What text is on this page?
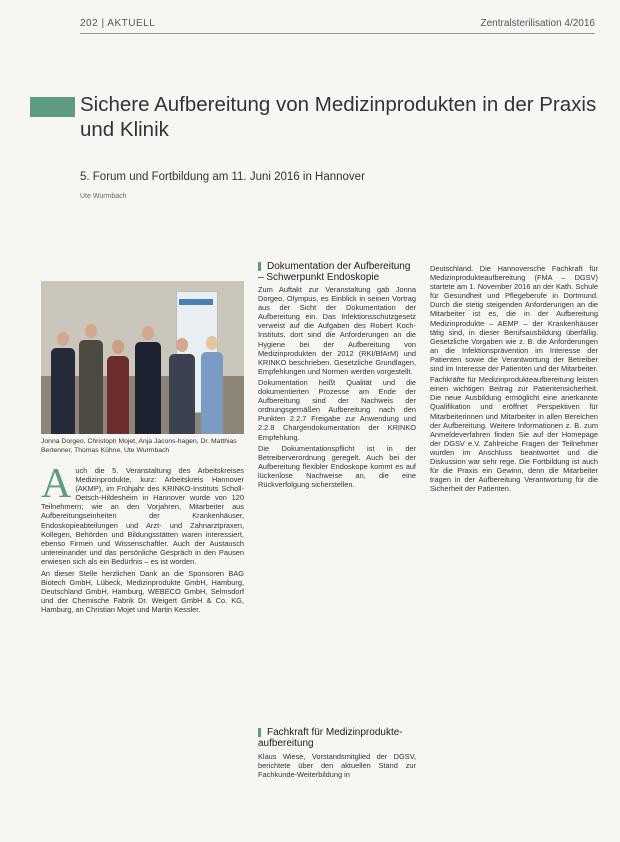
202 | AKTUELL	Zentralsterilisation 4/2016
Sichere Aufbereitung von Medizinprodukten in der Praxis und Klinik
5. Forum und Fortbildung am 11. Juni 2016 in Hannover
Ute Wurmbach
Jonna Dorgeo, Christoph Mojet, Anja Jacons-hagen, Dr. Matthias Bertenner, Thomas Kühne, Ute Wurmbach
A uch die 5. Veranstaltung des Arbeitskreises Medizinprodukte, kurz: Arbeitskreis Hannover (AKMP), im Frühjahr des KRINKO-Instituts Scholl-Oetsch-Hildesheim in Hannover wurde von 120 Teilnehmern; wie an den Vorjahren, Mitarbeiter aus Aufbereitungseinheiten der Krankenhäuser, Endoskopieabteilungen und Arzt- und Zahnarztpraxen, Kollegen, Behörden und Bildungsstätten waren interessiert, ebenso Firmen und Wissenschaftler. Auch der Austausch untereinander und das persönliche Gespräch in den Pausen erwiesen sich als ein Bedürfnis – es ist worden.

An dieser Stelle herzlichen Dank an die Sponsoren BAG Biotech GmbH, Lübeck, Medizinprodukte GmbH, Hamburg, Deutschland GmbH, Hamburg, WEBECO GmbH, Selmsdorf und der Chemische Fabrik Dr. Weigert GmbH & Co. KG, Hamburg, an Christian Mojet und Martin Kessler.

Dokumentation der Aufbereitung – Schwerpunkt Endoskopie

Zum Auftakt zur Veranstaltung gab Jonna Dorgeo, Olympus, es Einblick in seinen Vortrag aus der Sicht der Dokumentation der Aufbereitung ein. Das Infektionsschutzgesetz verweist auf die Aufgaben des Robert Koch-Instituts, dort sind die Anforderungen an die Hygiene bei der Aufbereitung von Medizinprodukten der 2012 (RKI/BfArM) und KRINKO beschrieben. Gesetzliche Grundlagen, Empfehlungen und Normen werden vorgestellt.

Dokumentation heißt Qualität und die dokumentierten Prozesse am Ende der Aufbereitung sind der Nachweis der ordnungsgemäßen Aufbereitung nach den Punkten 2.2.7 Freigabe zur Anwendung und 2.2.8 Chargendokumentation der KRINKO Empfehlung.

Die Dokumentationspflicht ist in der Betreiberverordnung geregelt. Auch bei der Aufbereitung flexibler Endoskope kommt es auf lückenlose Nachweise an, die eine Rückverfolgung sicherstellen.

Fachkraft für Medizinprodukteaufbereitung

Klaus Wiese, Vorstandsmitglied der DGSV, berichtete über den aktuellen Stand zur Fachkunde-Weiterbildung in

Deutschland. Die Hannoversche Fachkraft für Medizinprodukteaufbereitung (FMA – DGSV) startete am 1. November 2016 an der Kath. Schule für Gesundheit und Pflegeberufe in Dortmund. Durch die stetig steigenden Anforderungen an die Mitarbeiter ist es, die in der Aufbereitung Medizinprodukte – AEMP – der Krankenhäuser tätig sind, in dieser Berufsausbildung überfällig. Gesetzliche Vorgaben wie z. B. die Anforderungen an die Infektionsprävention im Interesse der Patienten sowie die Verantwortung der Betreiber sind im Interesse der Patienten und der Mitarbeiter.

Fachkräfte für Medizinprodukteaufbereitung leisten einen wichtigen Beitrag zur Patientensicherheit. Die neue Ausbildung ermöglicht eine anerkannte Qualifikation und eröffnet Perspektiven für Mitarbeiterinnen und Mitarbeiter in allen Bereichen der Aufbereitung. Weitere Informationen z. B. zum Anmeldeverfahren finden Sie auf der Homepage der DGSV e.V. Zahlreiche Fragen der Teilnehmer wurden im Anschluss beantwortet und die Diskussion war sehr rege. Die Fortbildung ist auch für die Praxis ein Gewinn, denn die Mitarbeiter tragen in der Aufbereitung Verantwortung für die Sicherheit der Patienten.
